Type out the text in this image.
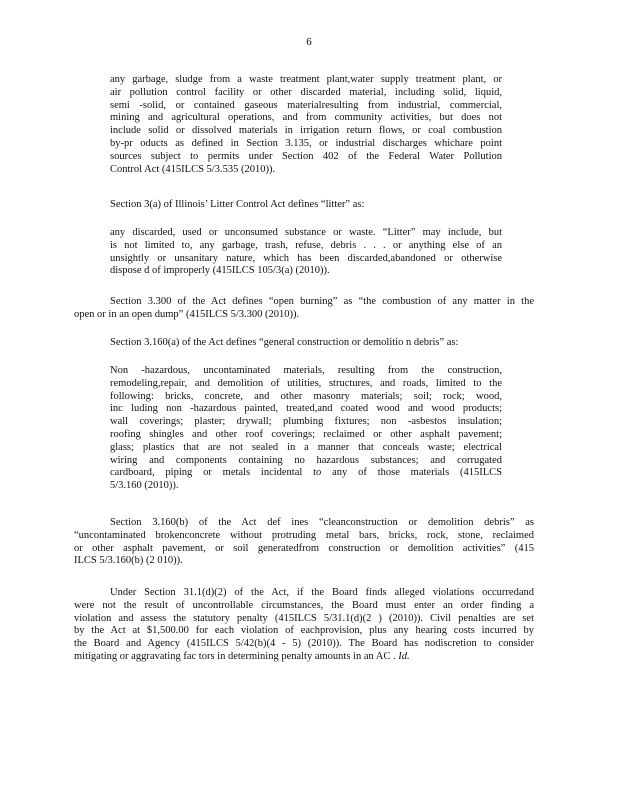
6
any garbage, sludge from a waste treatment plant,water supply treatment plant, or
air pollution control facility or other discarded material, including solid, liquid,
semi -solid, or contained gaseous materialresulting from industrial, commercial,
mining and agricultural operations, and from community activities, but does not
include solid or dissolved materials in irrigation return flows, or coal combustion
by-pr oducts as defined in Section 3.135, or industrial discharges whichare point
sources subject to permits under Section 402 of the Federal Water Pollution
Control Act (415ILCS 5/3.535 (2010)).
Section 3(a) of Illinois’ Litter Control Act defines “litter” as:
any discarded, used or unconsumed substance or waste. “Litter” may include, but
is not limited to, any garbage, trash, refuse, debris . . . or anything else of an
unsightly or unsanitary nature, which has been discarded,abandoned or otherwise
dispose d of improperly (415ILCS 105/3(a) (2010)).
Section 3.300 of the Act defines “open burning” as “the combustion of any matter in the
open or in an open dump” (415ILCS 5/3.300 (2010)).
Section 3.160(a) of the Act defines “general construction or demolitio n debris” as:
Non -hazardous, uncontaminated materials, resulting from the construction,
remodeling,repair, and demolition of utilities, structures, and roads, limited to the
following: bricks, concrete, and other masonry materials; soil; rock; wood,
inc luding non -hazardous painted, treated,and coated wood and wood products;
wall coverings; plaster; drywall; plumbing fixtures; non -asbestos insulation;
roofing shingles and other roof coverings; reclaimed or other asphalt pavement;
glass; plastics that are not sealed in a manner that conceals waste; electrical
wiring and components containing no hazardous substances; and corrugated
cardboard, piping or metals incidental to any of those materials (415ILCS
5/3.160 (2010)).
Section 3.160(b) of the Act def ines “cleanconstruction or demolition debris” as
“uncontaminated brokenconcrete without protruding metal bars, bricks, rock, stone, reclaimed
or other asphalt pavement, or soil generatedfrom construction or demolition activities” (415
ILCS 5/3.160(b) (2 010)).
Under Section 31.1(d)(2) of the Act, if the Board finds alleged violations occurredand
were not the result of uncontrollable circumstances, the Board must enter an order finding a
violation and assess the statutory penalty (415ILCS 5/31.1(d)(2 ) (2010)). Civil penalties are set
by the Act at $1,500.00 for each violation of eachprovision, plus any hearing costs incurred by
the Board and Agency (415ILCS 5/42(b)(4 - 5) (2010)). The Board has nodiscretion to consider
mitigating or aggravating fac tors in determining penalty amounts in an AC . Id.
